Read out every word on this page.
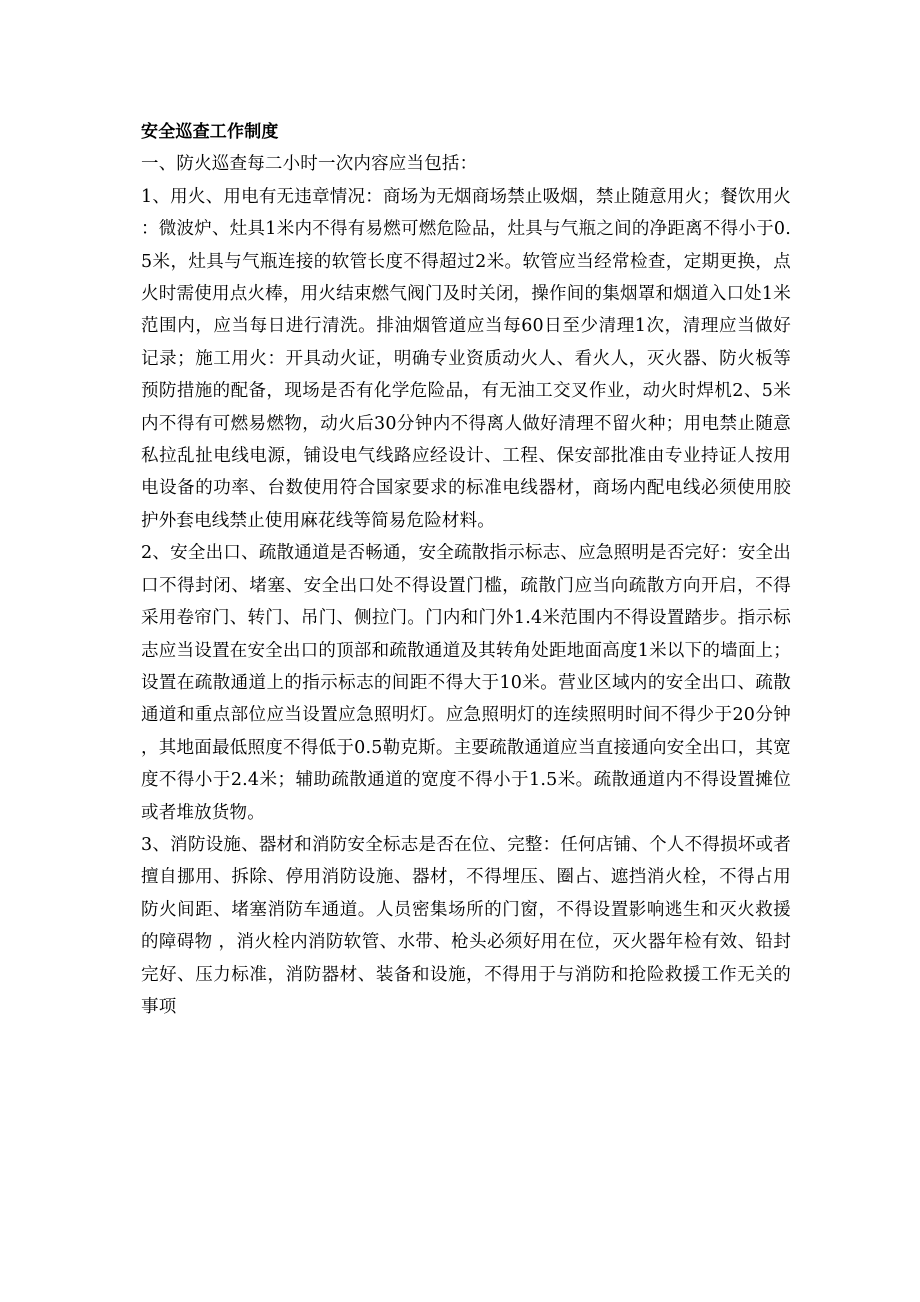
安全巡查工作制度

一、防火巡查每二小时一次内容应当包括：

1、用火、用电有无违章情况：商场为无烟商场禁止吸烟，禁止随意用火；餐饮用火：微波炉、灶具1米内不得有易燃可燃危险品，灶具与气瓶之间的净距离不得小于0.5米，灶具与气瓶连接的软管长度不得超过2米。软管应当经常检查，定期更换，点火时需使用点火棒，用火结束燃气阀门及时关闭，操作间的集烟罩和烟道入口处1米范围内，应当每日进行清洗。排油烟管道应当每60日至少清理1次，清理应当做好记录；施工用火：开具动火证，明确专业资质动火人、看火人，灭火器、防火板等预防措施的配备，现场是否有化学危险品，有无油工交叉作业，动火时焊机2、5米内不得有可燃易燃物，动火后30分钟内不得离人做好清理不留火种；用电禁止随意私拉乱扯电线电源，铺设电气线路应经设计、工程、保安部批准由专业持证人按用电设备的功率、台数使用符合国家要求的标准电线器材，商场内配电线必须使用胶护外套电线禁止使用麻花线等简易危险材料。

2、安全出口、疏散通道是否畅通，安全疏散指示标志、应急照明是否完好：安全出口不得封闭、堵塞、安全出口处不得设置门槛，疏散门应当向疏散方向开启，不得采用卷帘门、转门、吊门、侧拉门。门内和门外1.4米范围内不得设置踏步。指示标志应当设置在安全出口的顶部和疏散通道及其转角处距地面高度1米以下的墙面上；设置在疏散通道上的指示标志的间距不得大于10米。营业区域内的安全出口、疏散通道和重点部位应当设置应急照明灯。应急照明灯的连续照明时间不得少于20分钟，其地面最低照度不得低于0.5勒克斯。主要疏散通道应当直接通向安全出口，其宽度不得小于2.4米；辅助疏散通道的宽度不得小于1.5米。疏散通道内不得设置摊位或者堆放货物。

3、消防设施、器材和消防安全标志是否在位、完整：任何店铺、个人不得损坏或者擅自挪用、拆除、停用消防设施、器材，不得埋压、圈占、遮挡消火栓，不得占用防火间距、堵塞消防车通道。人员密集场所的门窗，不得设置影响逃生和灭火救援的障碍物 ，消火栓内消防软管、水带、枪头必须好用在位，灭火器年检有效、铅封完好、压力标准，消防器材、装备和设施，不得用于与消防和抢险救援工作无关的事项
